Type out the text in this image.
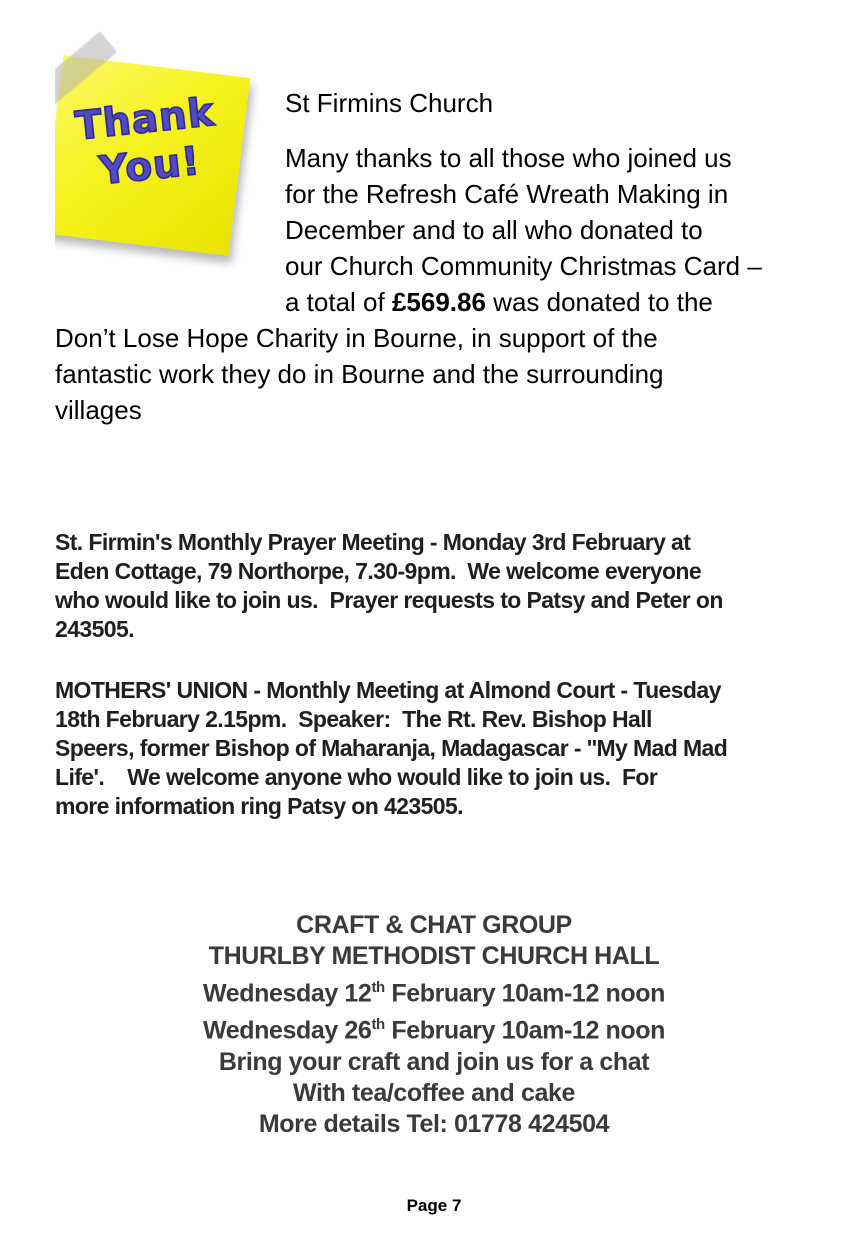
Thank
You!
St Firmins Church
Many thanks to all those who joined us
for the Refresh Café Wreath Making in
December and to all who donated to
our Church Community Christmas Card –
a total of £569.86 was donated to the
Don’t Lose Hope Charity in Bourne, in support of the
fantastic work they do in Bourne and the surrounding
villages
St. Firmin's Monthly Prayer Meeting - Monday 3rd February at
Eden Cottage, 79 Northorpe, 7.30-9pm.  We welcome everyone
who would like to join us.  Prayer requests to Patsy and Peter on
243505.
MOTHERS' UNION - Monthly Meeting at Almond Court - Tuesday
18th February 2.15pm.  Speaker:  The Rt. Rev. Bishop Hall
Speers, former Bishop of Maharanja, Madagascar - ''My Mad Mad
Life'.    We welcome anyone who would like to join us.  For
more information ring Patsy on 423505.
CRAFT & CHAT GROUP
THURLBY METHODIST CHURCH HALL
Wednesday 12th February 10am-12 noon
Wednesday 26th February 10am-12 noon
Bring your craft and join us for a chat
With tea/coffee and cake
More details Tel: 01778 424504
Page 7
